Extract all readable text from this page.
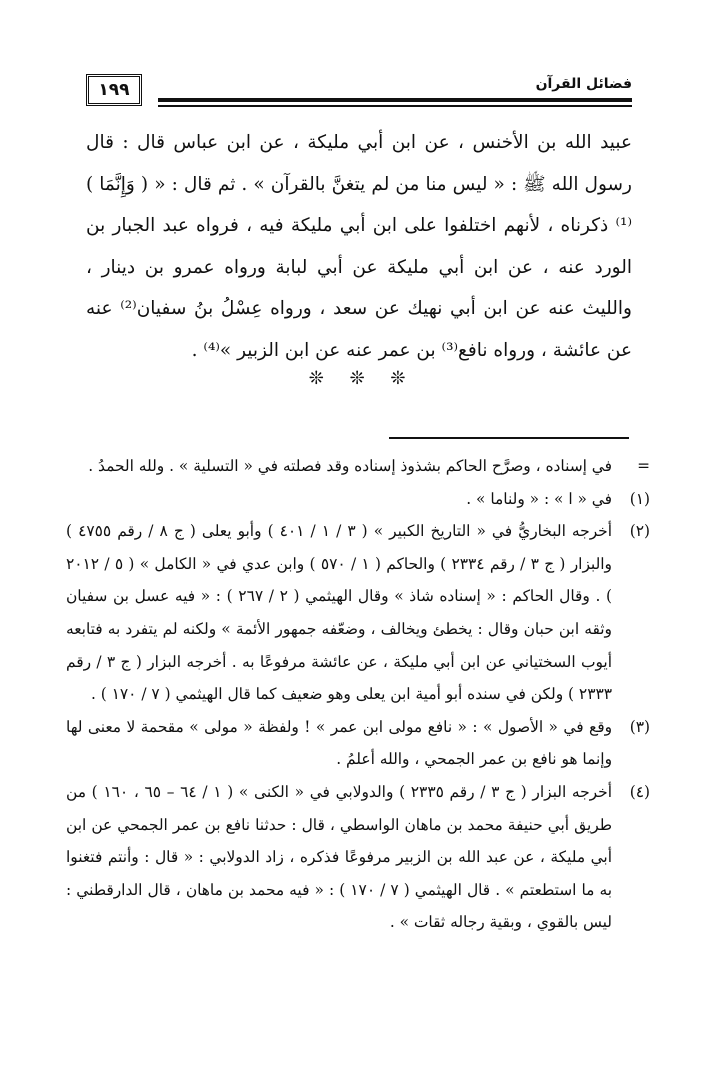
١٩٩	فضائل القرآن

عبيد الله بن الأخنس ، عن ابن أبي مليكة ، عن ابن عباس قال : قال رسول الله ﷺ : « ليس منا من لم يتغنَّ بالقرآن » . ثم قال : « ( وَإِنَّمَا )⁽¹⁾ ذكرناه ، لأنهم اختلفوا على ابن أبي مليكة فيه ، فرواه عبد الجبار بن الورد عنه ، عن ابن أبي مليكة عن أبي لبابة ورواه عمرو بن دينار ، والليث عنه عن ابن أبي نهيك عن سعد ، ورواه عِسْلُ بنُ سفيان⁽²⁾ عنه عن عائشة ، ورواه نافع⁽³⁾ بن عمر عنه عن ابن الزبير »⁽⁴⁾ .

❊ ❊ ❊
=
في إسناده ، وصرَّح الحاكم بشذوذ إسناده وقد فصلته في « التسلية » . ولله الحمدُ .
(١)
في « ا » : « ولناما » .
(٢)
أخرجه البخاريُّ في « التاريخ الكبير » ( ٣ / ١ / ٤٠١ ) وأبو يعلى ( ج ٨ / رقم ٤٧٥٥ ) والبزار ( ج ٣ / رقم ٢٣٣٤ ) والحاكم ( ١ / ٥٧٠ ) وابن عدي في « الكامل » ( ٥ / ٢٠١٢ ) . وقال الحاكم : « إسناده شاذ » وقال الهيثمي ( ٢ / ٢٦٧ ) : « فيه عسل بن سفيان وثقه ابن حبان وقال : يخطئ ويخالف ، وضعّفه جمهور الأئمة » ولكنه لم يتفرد به فتابعه أيوب السختياني عن ابن أبي مليكة ، عن عائشة مرفوعًا به . أخرجه البزار ( ج ٣ / رقم ٢٣٣٣ ) ولكن في سنده أبو أمية ابن يعلى وهو ضعيف كما قال الهيثمي ( ٧ / ١٧٠ ) .
(٣)
وقع في « الأصول » : « نافع مولى ابن عمر » ! ولفظة « مولى » مقحمة لا معنى لها وإنما هو نافع بن عمر الجمحي ، والله أعلمُ .
(٤)
أخرجه البزار ( ج ٣ / رقم ٢٣٣٥ ) والدولابي في « الكنى » ( ١ / ٦٤ – ٦٥ ، ١٦٠ ) من طريق أبي حنيفة محمد بن ماهان الواسطي ، قال : حدثنا نافع بن عمر الجمحي عن ابن أبي مليكة ، عن عبد الله بن الزبير مرفوعًا فذكره ، زاد الدولابي : « قال : وأنتم فتغنوا به ما استطعتم » . قال الهيثمي ( ٧ / ١٧٠ ) : « فيه محمد بن ماهان ، قال الدارقطني : ليس بالقوي ، وبقية رجاله ثقات » .
